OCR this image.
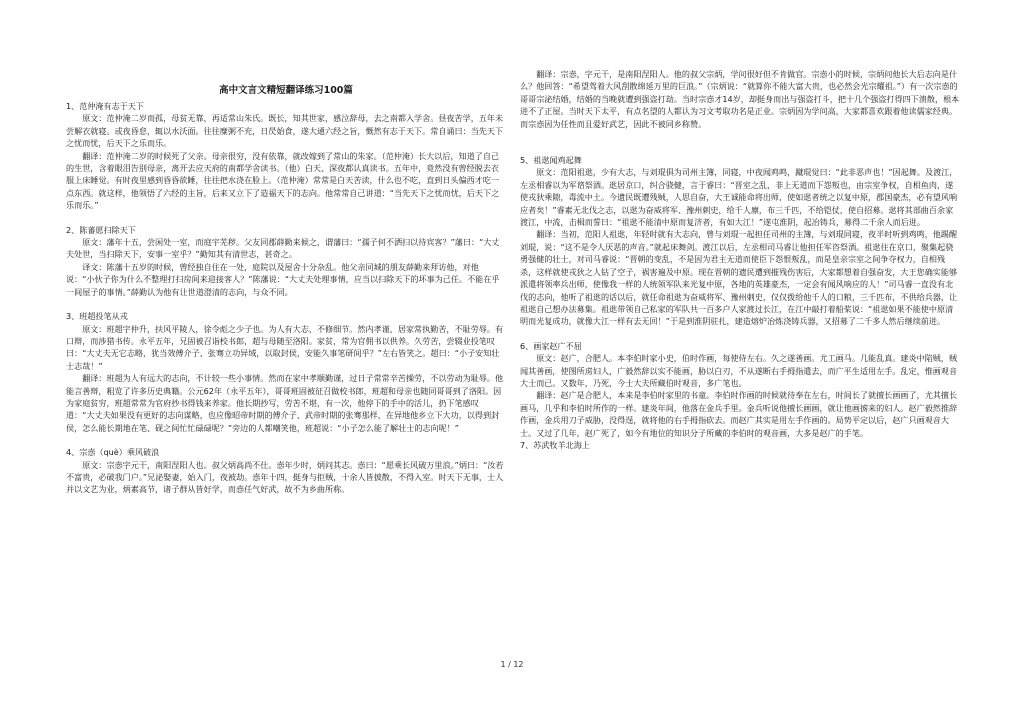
高中文言文精短翻译练习100篇
1、范仲淹有志于天下

原文：范仲淹二岁而孤，母贫无靠，再适常山朱氏。既长，知其世家，感泣辞母，去之南都入学舍。昼夜苦学，五年未尝解衣就寝。或夜昏怠，辄以水沃面。往往糜粥不充，日昃始食，遂大通六经之旨，慨然有志于天下。常自诵曰：当先天下之忧而忧，后天下之乐而乐。

翻译：范仲淹二岁的时候死了父亲。母亲很穷，没有依靠，就改嫁到了常山的朱家。（范仲淹）长大以后，知道了自己的生世，含着眼泪告别母亲，离开去应天府的南都学舍读书。（他）白天、深夜都认真读书。五年中，竟然没有曾经脱去衣服上床睡觉。有时夜里感到昏昏欲睡，往往把水浇在脸上。（范仲淹）常常是白天苦读，什么也不吃，直到日头偏西才吃一点东西。就这样，他领悟了六经的主旨，后来又立下了造福天下的志向。他常常自己讲道：“当先天下之忧而忧，后天下之乐而乐。”

2、陈蕃愿扫除天下

原文：藩年十五，尝闲处一室，而庭宇芜秽。父友同郡薛勤来候之，谓藩曰：“孺子何不洒扫以待宾客？”藩曰：“大丈夫处世，当扫除天下，安事一室乎？”勤知其有清世志，甚奇之。

译文：陈藩十五岁的时候，曾经独自住在一处，庭院以及屋舍十分杂乱。他父亲同城的朋友薛勤来拜访他，对他说：“小伙子你为什么不整理打扫房间来迎接客人？”陈藩说：“大丈夫处理事情，应当以扫除天下的坏事为己任。不能在乎一间屋子的事情。”薛勤认为他有让世道澄清的志向，与众不同。

3、班超投笔从戎

原文：班超字仲升，扶风平陵人，徐令彪之少子也。为人有大志，不修细节。然内孝谨，居家常执勤苦，不耻劳辱。有口辩，而涉猎书传。永平五年，兄固被召诣校书郎，超与母随至洛阳。家贫，常为官佣书以供养。久劳苦，尝辍业投笔叹曰：“大丈夫无它志略，犹当效傅介子、张骞立功异域，以取封侯，安能久事笔研间乎？”左右皆笑之。超曰：“小子安知壮士志哉！”

翻译：班超为人有远大的志向，不计较一些小事情。然而在家中孝顺勤谨，过日子常常辛苦操劳，不以劳动为耻辱。他能言善辩，粗览了许多历史典籍。公元62年（永平五年），哥哥班固被征召做校书郎，班超和母亲也随同哥哥到了洛阳。因为家庭贫穷，班超常常为官府抄书得钱来养家。他长期抄写，劳苦不堪，有一次，他停下的手中的活儿，扔下笔感叹道：“大丈夫如果没有更好的志向谋略，也应像昭帝时期的傅介子、武帝时期的张骞那样，在异地他乡立下大功，以得到封侯，怎么能长期地在笔、砚之间忙忙碌碌呢？”旁边的人都嘲笑他，班超说：“小子怎么能了解壮士的志向呢！”

4、宗悫（què）乘风破浪

原文：宗悫字元干，南阳涅阳人也。叔父炳高尚不仕。悫年少时，炳问其志。悫曰：“愿乘长风破万里浪。”炳曰：“汝若不富贵，必破我门户。”兄泌娶妻，始入门，夜被劫。悫年十四，挺身与拒贼，十余人皆披散，不得入室。时天下无事，士人并以文艺为业，炳素高节，诸子群从皆好学，而悫任气好武，故不为乡曲所称。

翻译：宗悫，字元干，是南阳涅阳人。他的叔父宗炳，学问很好但不肯做官。宗悫小的时候，宗炳问他长大后志向是什么？他回答：“希望驾着大风刮散绵延万里的巨浪。”（宗炳说：“就算你不能大富大贵，也必然会光宗耀祖。”）有一次宗悫的哥哥宗泌结婚，结婚的当晚就遭到强盗打劫。当时宗悫才14岁，却挺身而出与强盗打斗，把十几个强盗打得四下溃散，根本进不了正屋。当时天下太平，有点名望的人都认为习文考取功名是正业。宗炳因为学问高，大家都喜欢跟着他读儒家经典。而宗悫因为任性而且爱好武艺，因此不被同乡称赞。

5、祖逖闻鸡起舞

原文：范阳祖逖，少有大志，与刘琨俱为司州主簿，同寝，中夜闻鸡鸣，蹴琨觉曰：“此非恶声也！”因起舞。及渡江，左丞相睿以为军谘祭酒。逖居京口，纠合骁健，言于睿曰：“晋室之乱，非上无道而下怨叛也，由宗室争权，自相鱼肉，遂使戎狄乘隙，毒流中土。今遗民既遭残贼，人思自奋，大王诚能命将出师，使如逖者统之以复中原，郡国豪杰，必有望风响应者矣！”睿素无北伐之志，以逖为奋威将军、豫州刺史，给千人廪，布三千匹，不给铠仗，使自招募。逖将其部曲百余家渡江，中流，击楫而誓曰：“祖逖不能清中原而复济者，有如大江！”遂屯淮阴，起冶铸兵，募得二千余人而后进。

翻译：当初，范阳人祖逖，年轻时就有大志向，曾与刘琨一起担任司州的主簿，与刘琨同寝，夜半时听到鸡鸣，他踢醒刘琨，说：“这不是令人厌恶的声音。”就起床舞剑。渡江以后，左丞相司马睿让他担任军咨祭酒。祖逖住在京口，聚集起骁勇强健的壮士，对司马睿说：“晋朝的变乱，不是因为君主无道而使臣下怨恨叛乱，而是皇亲宗室之间争夺权力，自相残杀，这样就使戎狄之人钻了空子，祸害遍及中原。现在晋朝的遗民遭到摧残伤害后，大家都想着自强奋发，大王您确实能够派遣将领率兵出师，使像我一样的人统领军队来光复中原，各地的英雄豪杰，一定会有闻风响应的人！”司马睿一直没有北伐的志向，他听了祖逖的话以后，就任命祖逖为奋威将军、豫州刺史，仅仅拨给他千人的口粮，三千匹布，不供给兵器，让祖逖自己想办法募集。祖逖带领自己私家的军队共一百多户人家渡过长江，在江中敲打着船桨说：“祖逖如果不能使中原清明而光复成功，就像大江一样有去无回！”于是到淮阴驻扎，建造熔炉冶炼浇铸兵器，又招募了二千多人然后继续前进。

6、画家赵广不屈

原文：赵广，合肥人。本李伯时家小史，伯时作画，每使侍左右。久之遂善画。尤工画马。几能乱真。建炎中陷贼，贼闻其善画，使图所虏妇人，广毅然辞以实不能画，胁以白刃，不从遂断右手拇指遣去，而广平生适用左手。乱定，惟画观音大士而已。又数年，乃死，今士大夫所藏伯时观音，多广笔也。

翻译：赵广是合肥人，本来是李伯时家里的书童。李伯时作画的时候就待奉在左右，时间长了就擅长画画了，尤其擅长画马，几乎和李伯时所作的一样。建炎年间，他落在金兵手里。金兵听说他擅长画画，就让他画掳来的妇人。赵广毅然推辞作画，金兵用刀子威胁，没得逞，就将他的右手拇指砍去。而赵广其实是用左手作画的。局势平定以后，赵广只画观音大士。又过了几年，赵广死了，如今有地位的知识分子所藏的李伯时的观音画，大多是赵广的手笔。

7、苏武牧羊北海上
1 / 12
